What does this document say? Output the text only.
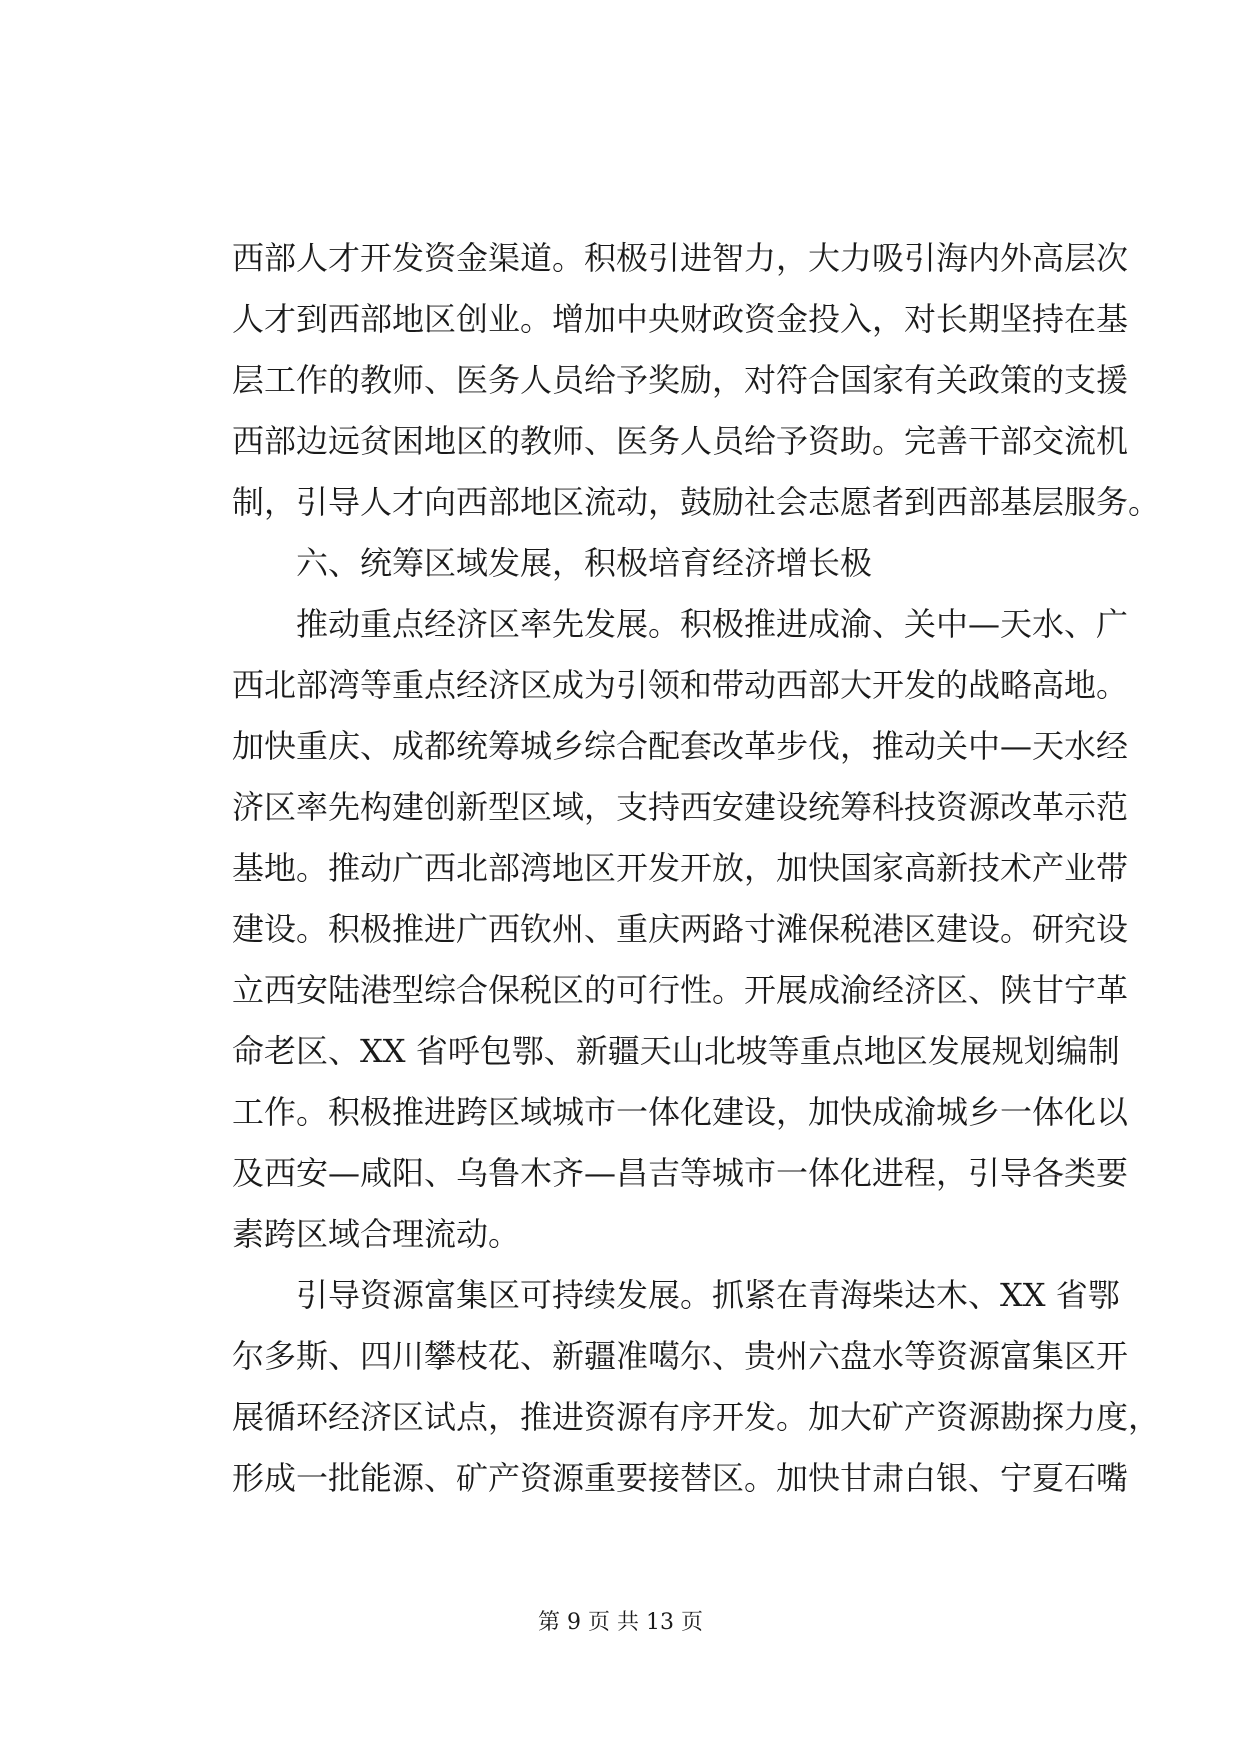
西部人才开发资金渠道。积极引进智力，大力吸引海内外高层次
人才到西部地区创业。增加中央财政资金投入，对长期坚持在基
层工作的教师、医务人员给予奖励，对符合国家有关政策的支援
西部边远贫困地区的教师、医务人员给予资助。完善干部交流机
制，引导人才向西部地区流动，鼓励社会志愿者到西部基层服务。
六、统筹区域发展，积极培育经济增长极
推动重点经济区率先发展。积极推进成渝、关中—天水、广
西北部湾等重点经济区成为引领和带动西部大开发的战略高地。
加快重庆、成都统筹城乡综合配套改革步伐，推动关中—天水经
济区率先构建创新型区域，支持西安建设统筹科技资源改革示范
基地。推动广西北部湾地区开发开放，加快国家高新技术产业带
建设。积极推进广西钦州、重庆两路寸滩保税港区建设。研究设
立西安陆港型综合保税区的可行性。开展成渝经济区、陕甘宁革
命老区、XX 省呼包鄂、新疆天山北坡等重点地区发展规划编制
工作。积极推进跨区域城市一体化建设，加快成渝城乡一体化以
及西安—咸阳、乌鲁木齐—昌吉等城市一体化进程，引导各类要
素跨区域合理流动。
引导资源富集区可持续发展。抓紧在青海柴达木、XX 省鄂
尔多斯、四川攀枝花、新疆准噶尔、贵州六盘水等资源富集区开
展循环经济区试点，推进资源有序开发。加大矿产资源勘探力度，
形成一批能源、矿产资源重要接替区。加快甘肃白银、宁夏石嘴
第 9 页 共 13 页
